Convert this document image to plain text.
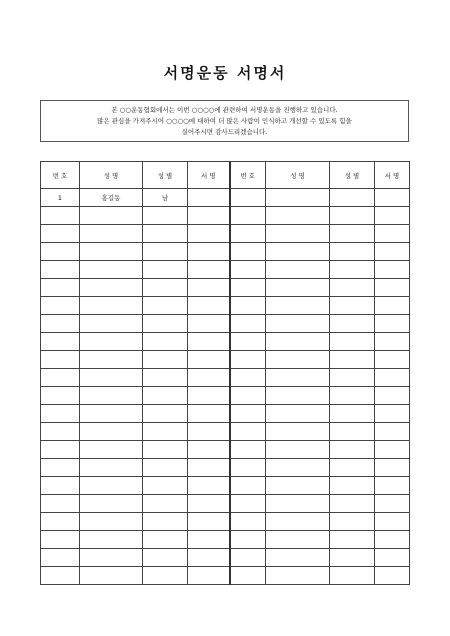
서명운동 서명서
본 ○○운동협회에서는 이번 ○○○○에 관련하여 서명운동을 진행하고 있습니다.
많은 관심을 가져주시어 ○○○○에 대하여 더 많은 사람이 인식하고 개선할 수 있도록 힘을
실어주시면 감사드리겠습니다.
번 호	성 명	성 별	서 명	번 호	성 명	성 별	서 명
1	홍길동	남					
